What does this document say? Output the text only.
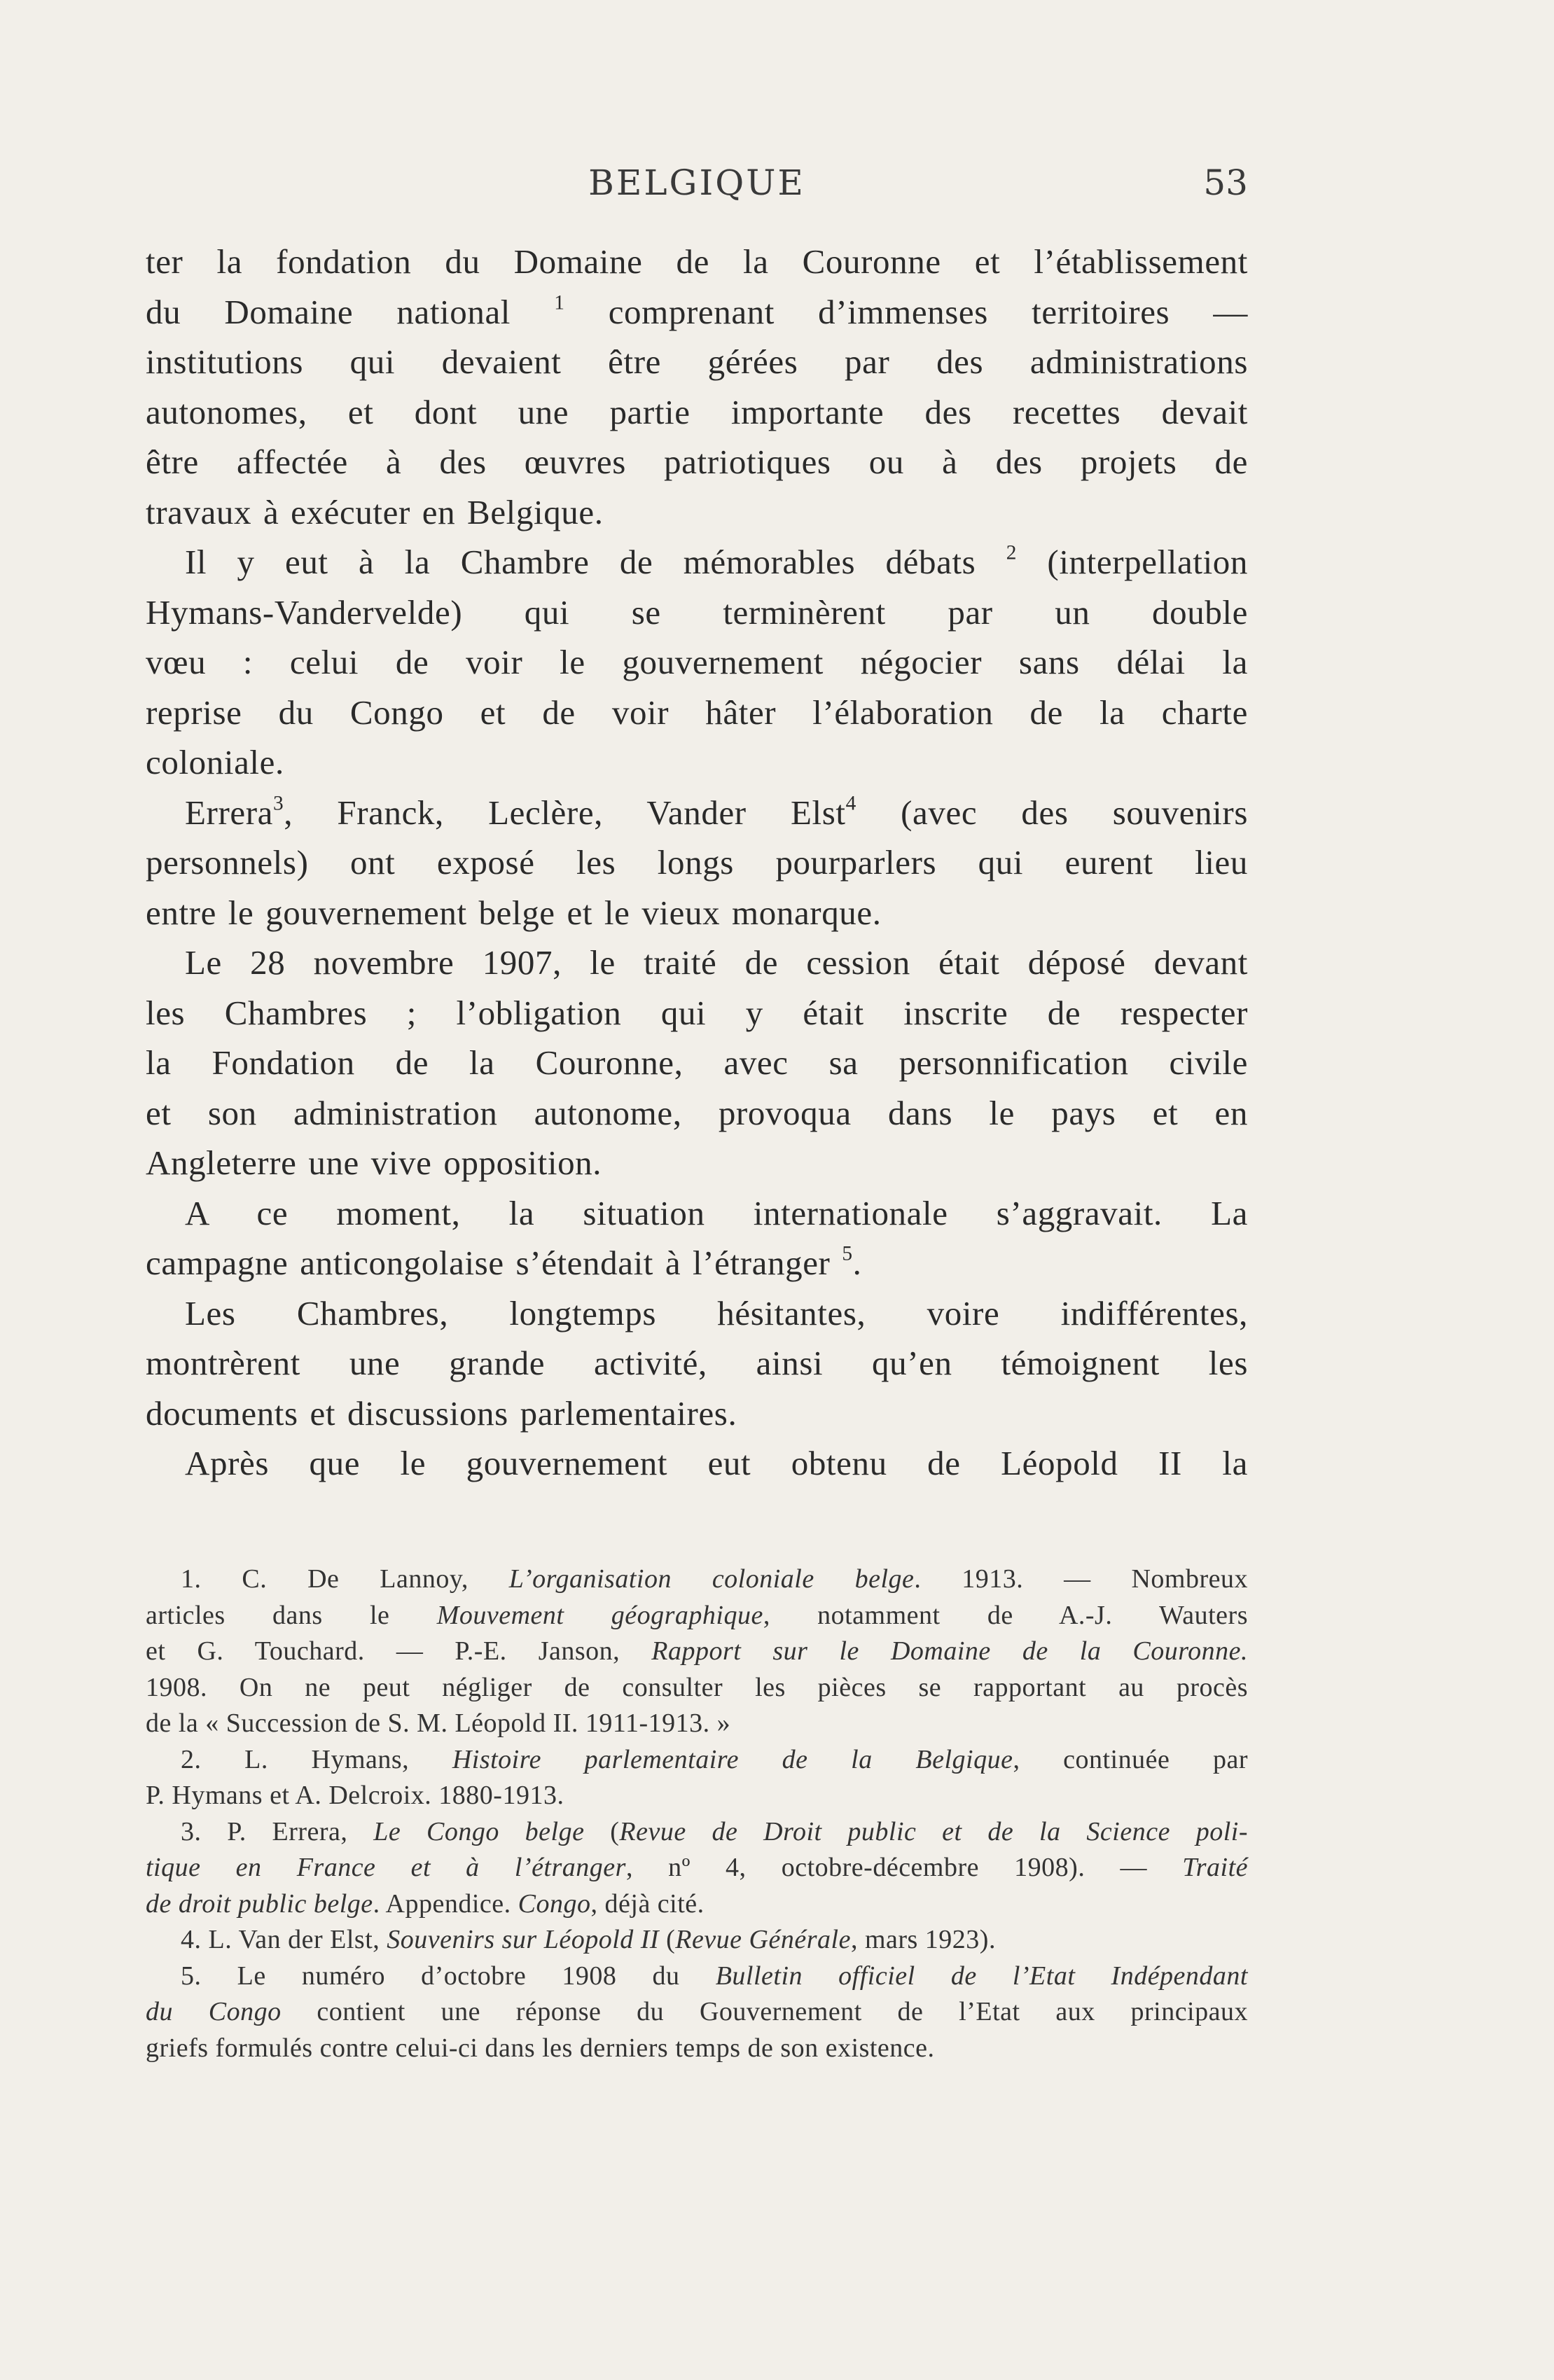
BELGIQUE	53

ter la fondation du Domaine de la Couronne et l’établissement
du Domaine national $^1$ comprenant d’immenses territoires —
institutions qui devaient être gérées par des administrations
autonomes, et dont une partie importante des recettes devait
être affectée à des œuvres patriotiques ou à des projets de
travaux à exécuter en Belgique.

Il y eut à la Chambre de mémorables débats $^2$ (interpellation
Hymans-Vandervelde) qui se terminèrent par un double
vœu : celui de voir le gouvernement négocier sans délai la
reprise du Congo et de voir hâter l’élaboration de la charte
coloniale.

Errera$^3$, Franck, Leclère, Vander Elst$^4$ (avec des souvenirs
personnels) ont exposé les longs pourparlers qui eurent lieu
entre le gouvernement belge et le vieux monarque.

Le 28 novembre 1907, le traité de cession était déposé devant
les Chambres ; l’obligation qui y était inscrite de respecter
la Fondation de la Couronne, avec sa personnification civile
et son administration autonome, provoqua dans le pays et en
Angleterre une vive opposition.

A ce moment, la situation internationale s’aggravait. La
campagne anticongolaise s’étendait à l’étranger $^5$.

Les Chambres, longtemps hésitantes, voire indifférentes,
montrèrent une grande activité, ainsi qu’en témoignent les
documents et discussions parlementaires.

Après que le gouvernement eut obtenu de Léopold II la

1. C. De Lannoy, L’organisation coloniale belge. 1913. — Nombreux
articles dans le Mouvement géographique, notamment de A.-J. Wauters
et G. Touchard. — P.-E. Janson, Rapport sur le Domaine de la Couronne.
1908. On ne peut négliger de consulter les pièces se rapportant au procès
de la « Succession de S. M. Léopold II. 1911-1913. »
2. L. Hymans, Histoire parlementaire de la Belgique, continuée par
P. Hymans et A. Delcroix. 1880-1913.
3. P. Errera, Le Congo belge (Revue de Droit public et de la Science poli-
tique en France et à l’étranger, nº 4, octobre-décembre 1908). — Traité
de droit public belge. Appendice. Congo, déjà cité.
4. L. Van der Elst, Souvenirs sur Léopold II (Revue Générale, mars 1923).
5. Le numéro d’octobre 1908 du Bulletin officiel de l’Etat Indépendant
du Congo contient une réponse du Gouvernement de l’Etat aux principaux
griefs formulés contre celui-ci dans les derniers temps de son existence.
